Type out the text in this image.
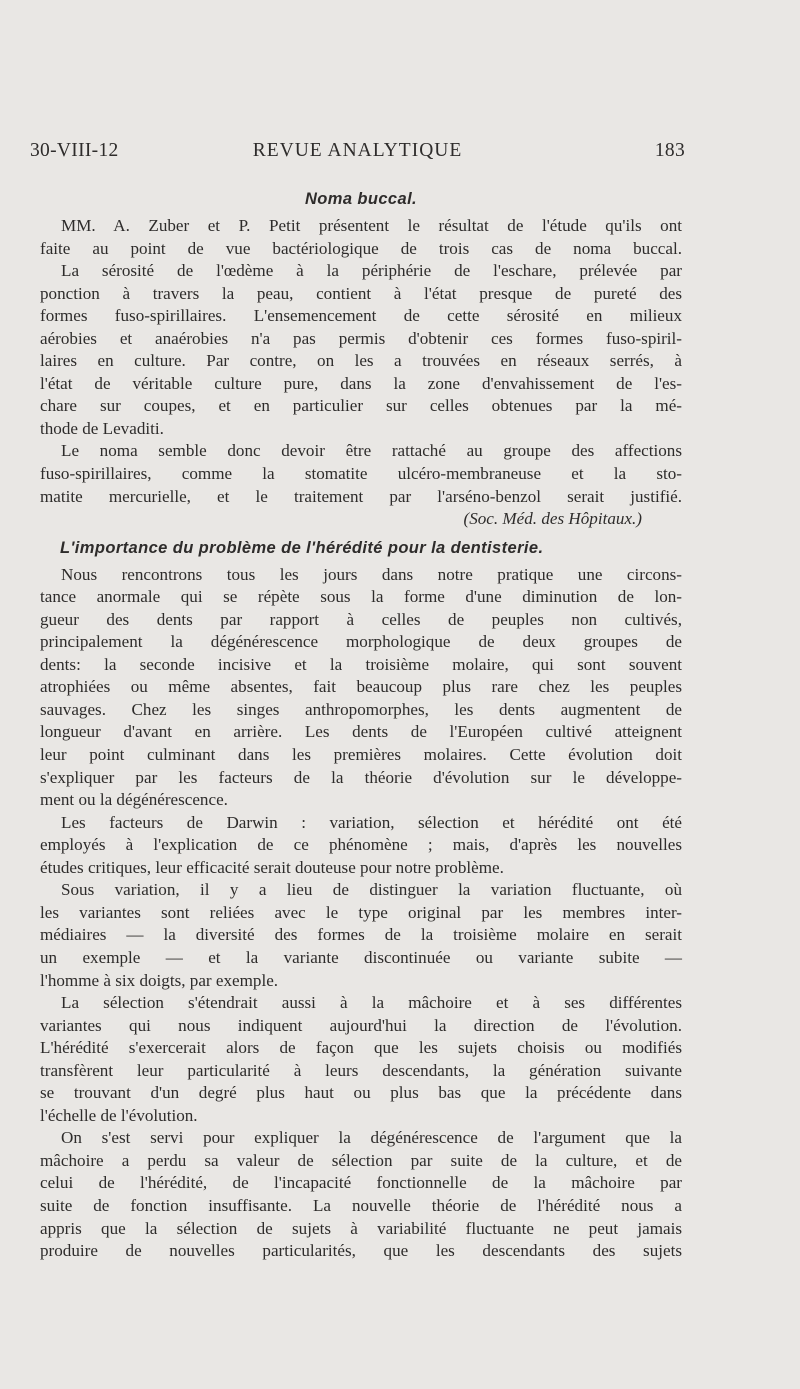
30-VIII-12	REVUE ANALYTIQUE	183
Noma buccal.
MM. A. Zuber et P. Petit présentent le résultat de l'étude qu'ils ont
faite au point de vue bactériologique de trois cas de noma buccal.
La sérosité de l'œdème à la périphérie de l'eschare, prélevée par
ponction à travers la peau, contient à l'état presque de pureté des
formes fuso-spirillaires. L'ensemencement de cette sérosité en milieux
aérobies et anaérobies n'a pas permis d'obtenir ces formes fuso-spiril-
laires en culture. Par contre, on les a trouvées en réseaux serrés, à
l'état de véritable culture pure, dans la zone d'envahissement de l'es-
chare sur coupes, et en particulier sur celles obtenues par la mé-
thode de Levaditi.
Le noma semble donc devoir être rattaché au groupe des affections
fuso-spirillaires, comme la stomatite ulcéro-membraneuse et la sto-
matite mercurielle, et le traitement par l'arséno-benzol serait justifié.
(Soc. Méd. des Hôpitaux.)
L'importance du problème de l'hérédité pour la dentisterie.
Nous rencontrons tous les jours dans notre pratique une circons-
tance anormale qui se répète sous la forme d'une diminution de lon-
gueur des dents par rapport à celles de peuples non cultivés,
principalement la dégénérescence morphologique de deux groupes de
dents: la seconde incisive et la troisième molaire, qui sont souvent
atrophiées ou même absentes, fait beaucoup plus rare chez les peuples
sauvages. Chez les singes anthropomorphes, les dents augmentent de
longueur d'avant en arrière. Les dents de l'Européen cultivé atteignent
leur point culminant dans les premières molaires. Cette évolution doit
s'expliquer par les facteurs de la théorie d'évolution sur le développe-
ment ou la dégénérescence.
Les facteurs de Darwin : variation, sélection et hérédité ont été
employés à l'explication de ce phénomène ; mais, d'après les nouvelles
études critiques, leur efficacité serait douteuse pour notre problème.
Sous variation, il y a lieu de distinguer la variation fluctuante, où
les variantes sont reliées avec le type original par les membres inter-
médiaires — la diversité des formes de la troisième molaire en serait
un exemple — et la variante discontinuée ou variante subite —
l'homme à six doigts, par exemple.
La sélection s'étendrait aussi à la mâchoire et à ses différentes
variantes qui nous indiquent aujourd'hui la direction de l'évolution.
L'hérédité s'exercerait alors de façon que les sujets choisis ou modifiés
transfèrent leur particularité à leurs descendants, la génération suivante
se trouvant d'un degré plus haut ou plus bas que la précédente dans
l'échelle de l'évolution.
On s'est servi pour expliquer la dégénérescence de l'argument que la
mâchoire a perdu sa valeur de sélection par suite de la culture, et de
celui de l'hérédité, de l'incapacité fonctionnelle de la mâchoire par
suite de fonction insuffisante. La nouvelle théorie de l'hérédité nous a
appris que la sélection de sujets à variabilité fluctuante ne peut jamais
produire de nouvelles particularités, que les descendants des sujets
